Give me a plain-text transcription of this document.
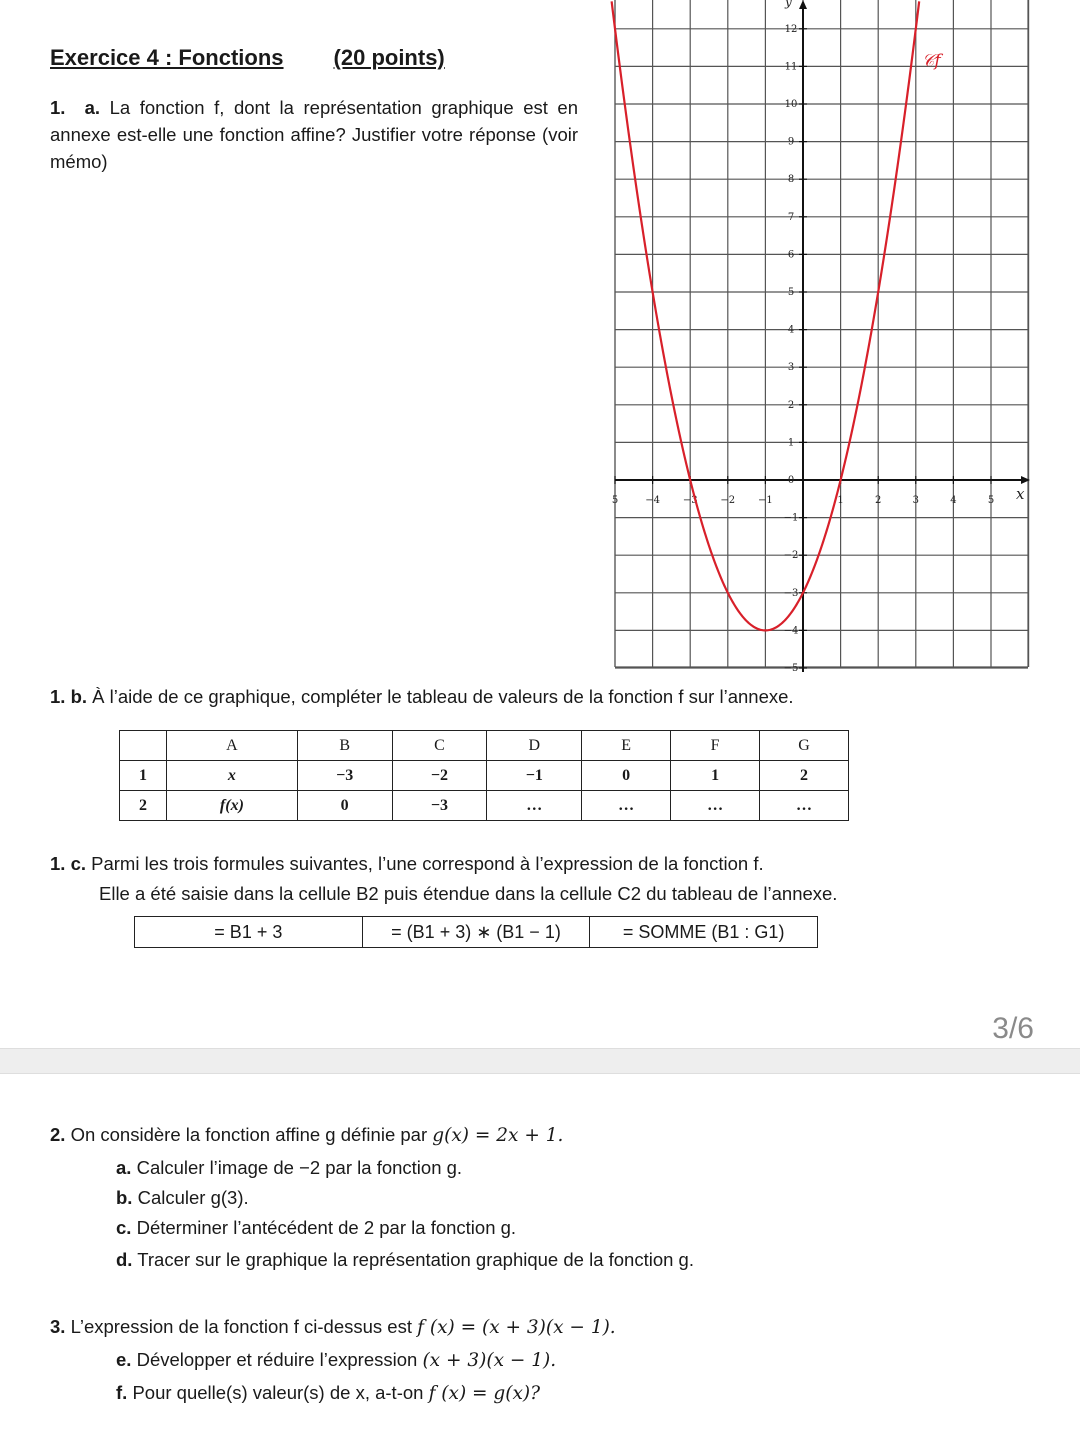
Exercice 4 : Fonctions (20 points)
1. a. La fonction f, dont la représentation graphique est en annexe est-elle une fonction affine? Justifier votre réponse (voir mémo)
5	−4 −3 −2 −1	1	2	3	4	5
12
11
10
9
8
7
6
5
4
3
2
1
0
−1
−2
−3
−4
−5
𝒞f
x
y
1. b. À l’aide de ce graphique, compléter le tableau de valeurs de la fonction f sur l’annexe.
	A	B	C	D	E	F	G
1	x	−3	−2	−1	0	1	2
2	f(x)	0	−3	…	…	…	…
1. c. Parmi les trois formules suivantes, l’une correspond à l’expression de la fonction f.
Elle a été saisie dans la cellule B2 puis étendue dans la cellule C2 du tableau de l’annexe.
= B1 + 3	= (B1 + 3) ∗ (B1 − 1)	= SOMME (B1 : G1)
3/6
2. On considère la fonction affine g définie par g(x) = 2x + 1.
a. Calculer l’image de −2 par la fonction g.
b. Calculer g(3).
c. Déterminer l’antécédent de 2 par la fonction g.
d. Tracer sur le graphique la représentation graphique de la fonction g.
3. L’expression de la fonction f ci-dessus est f (x) = (x + 3)(x − 1).
e. Développer et réduire l’expression (x + 3)(x − 1).
f. Pour quelle(s) valeur(s) de x, a-t-on f (x) = g(x)?
